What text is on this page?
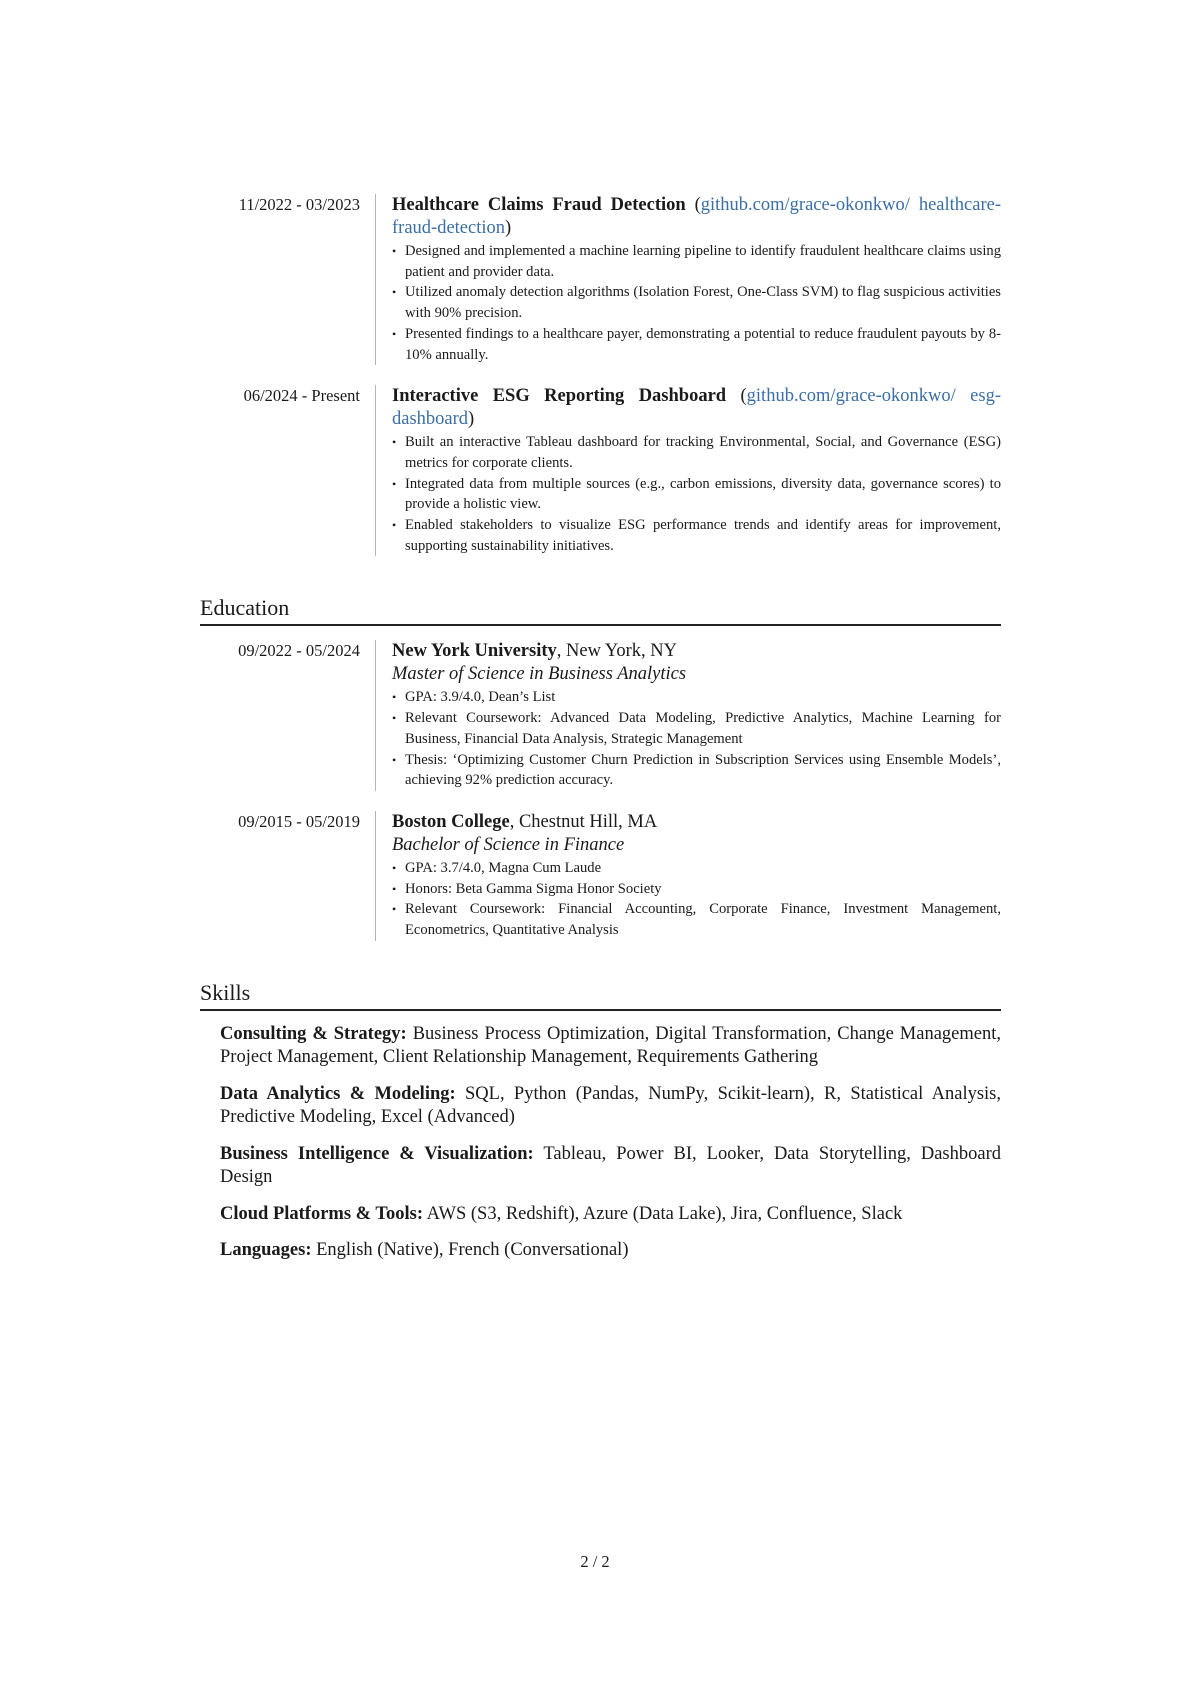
11/2022 - 03/2023	Healthcare Claims Fraud Detection (github.com/grace-okonkwo/ healthcare-fraud-detection)
• Designed and implemented a machine learning pipeline to identify fraudulent healthcare claims using patient and provider data.
• Utilized anomaly detection algorithms (Isolation Forest, One-Class SVM) to flag suspicious activities with 90% precision.
• Presented findings to a healthcare payer, demonstrating a potential to reduce fraudulent payouts by 8-10% annually.
06/2024 - Present	Interactive ESG Reporting Dashboard (github.com/grace-okonkwo/ esg-dashboard)
• Built an interactive Tableau dashboard for tracking Environmental, Social, and Governance (ESG) metrics for corporate clients.
• Integrated data from multiple sources (e.g., carbon emissions, diversity data, governance scores) to provide a holistic view.
• Enabled stakeholders to visualize ESG performance trends and identify areas for improvement, supporting sustainability initiatives.
Education
09/2022 - 05/2024	New York University, New York, NY
Master of Science in Business Analytics
• GPA: 3.9/4.0, Dean’s List
• Relevant Coursework: Advanced Data Modeling, Predictive Analytics, Machine Learning for Business, Financial Data Analysis, Strategic Management
• Thesis: ‘Optimizing Customer Churn Prediction in Subscription Services using Ensemble Models’, achieving 92% prediction accuracy.
09/2015 - 05/2019	Boston College, Chestnut Hill, MA
Bachelor of Science in Finance
• GPA: 3.7/4.0, Magna Cum Laude
• Honors: Beta Gamma Sigma Honor Society
• Relevant Coursework: Financial Accounting, Corporate Finance, Investment Management, Econometrics, Quantitative Analysis
Skills
Consulting & Strategy: Business Process Optimization, Digital Transformation, Change Management, Project Management, Client Relationship Management, Requirements Gathering
Data Analytics & Modeling: SQL, Python (Pandas, NumPy, Scikit-learn), R, Statistical Analysis, Predictive Modeling, Excel (Advanced)
Business Intelligence & Visualization: Tableau, Power BI, Looker, Data Storytelling, Dashboard Design
Cloud Platforms & Tools: AWS (S3, Redshift), Azure (Data Lake), Jira, Confluence, Slack
Languages: English (Native), French (Conversational)
2 / 2
